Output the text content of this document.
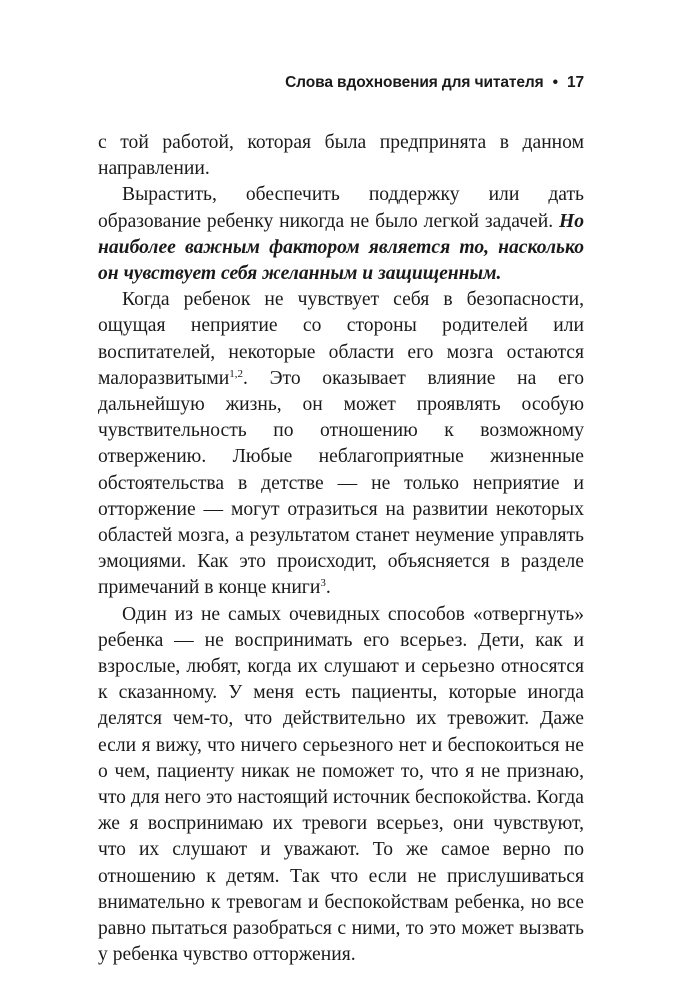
Слова вдохновения для читателя • 17

с той работой, которая была предпринята в данном направлении.

Вырастить, обеспечить поддержку или дать образование ребенку никогда не было легкой задачей. Но наиболее важным фактором является то, насколько он чувствует себя желанным и защищенным.

Когда ребенок не чувствует себя в безопасности, ощущая неприятие со стороны родителей или воспитателей, некоторые области его мозга остаются малоразвитыми$^{1,2}$. Это оказывает влияние на его дальнейшую жизнь, он может проявлять особую чувствительность по отношению к возможному отвержению. Любые неблагоприятные жизненные обстоятельства в детстве — не только неприятие и отторжение — могут отразиться на развитии некоторых областей мозга, а результатом станет неумение управлять эмоциями. Как это происходит, объясняется в разделе примечаний в конце книги$^3$.

Один из не самых очевидных способов «отвергнуть» ребенка — не воспринимать его всерьез. Дети, как и взрослые, любят, когда их слушают и серьезно относятся к сказанному. У меня есть пациенты, которые иногда делятся чем-то, что действительно их тревожит. Даже если я вижу, что ничего серьезного нет и беспокоиться не о чем, пациенту никак не поможет то, что я не признаю, что для него это настоящий источник беспокойства. Когда же я воспринимаю их тревоги всерьез, они чувствуют, что их слушают и уважают. То же самое верно по отношению к детям. Так что если не прислушиваться внимательно к тревогам и беспокойствам ребенка, но все равно пытаться разобраться с ними, то это может вызвать у ребенка чувство отторжения.
